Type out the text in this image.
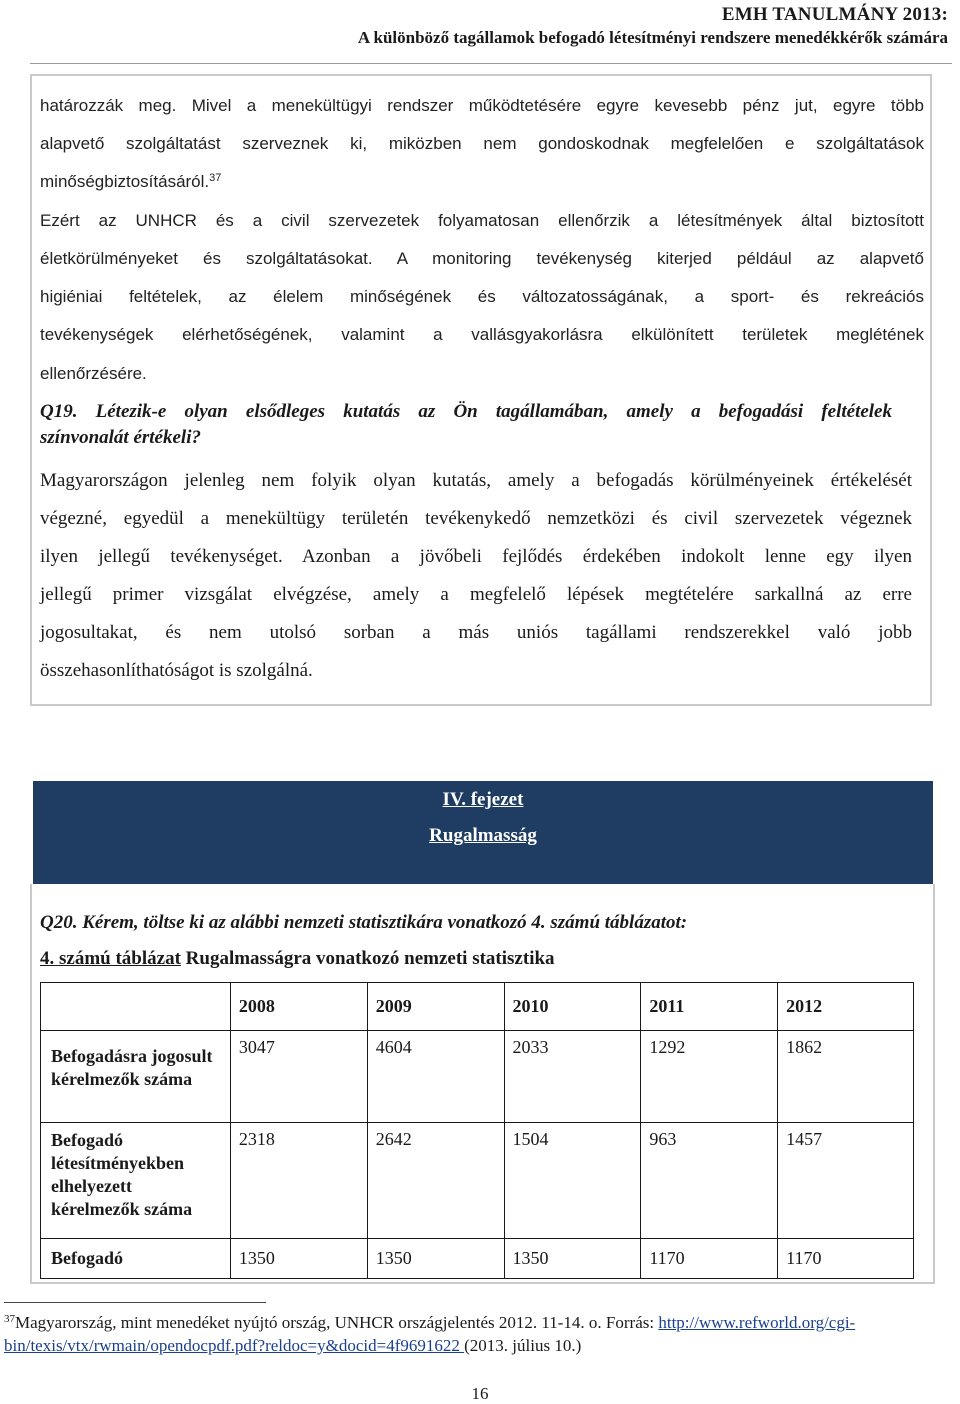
EMH TANULMÁNY 2013:
A különböző tagállamok befogadó létesítményi rendszere menedékkérők számára

határozzák meg. Mivel a menekültügyi rendszer működtetésére egyre kevesebb pénz jut, egyre több

alapvető szolgáltatást szerveznek ki, miközben nem gondoskodnak megfelelően e szolgáltatások

minőségbiztosításáról.$^{37}$

Ezért az UNHCR és a civil szervezetek folyamatosan ellenőrzik a létesítmények által biztosított

életkörülményeket és szolgáltatásokat. A monitoring tevékenység kiterjed például az alapvető

higiéniai feltételek, az élelem minőségének és változatosságának, a sport- és rekreációs

tevékenységek elérhetőségének, valamint a vallásgyakorlásra elkülönített területek meglétének

ellenőrzésére.

Q19. Létezik-e olyan elsődleges kutatás az Ön tagállamában, amely a befogadási feltételek

színvonalát értékeli?

Magyarországon jelenleg nem folyik olyan kutatás, amely a befogadás körülményeinek értékelését

végezné, egyedül a menekültügy területén tevékenykedő nemzetközi és civil szervezetek végeznek

ilyen jellegű tevékenységet. Azonban a jövőbeli fejlődés érdekében indokolt lenne egy ilyen

jellegű primer vizsgálat elvégzése, amely a megfelelő lépések megtételére sarkallná az erre

jogosultakat, és nem utolsó sorban a más uniós tagállami rendszerekkel való jobb

összehasonlíthatóságot is szolgálná.

IV. fejezet
Rugalmasság

Q20. Kérem, töltse ki az alábbi nemzeti statisztikára vonatkozó 4. számú táblázatot:

4. számú táblázat Rugalmasságra vonatkozó nemzeti statisztika

	2008	2009	2010	2011	2012
Befogadásra jogosult kérelmezők száma	3047	4604	2033	1292	1862
Befogadó létesítményekben elhelyezett kérelmezők száma	2318	2642	1504	963	1457
Befogadó	1350	1350	1350	1170	1170
$^{37}$Magyarország, mint menedéket nyújtó ország, UNHCR országjelentés 2012. 11-14. o. Forrás: http://www.refworld.org/cgi-
bin/texis/vtx/rwmain/opendocpdf.pdf?reldoc=y&docid=4f9691622 (2013. július 10.)
16
